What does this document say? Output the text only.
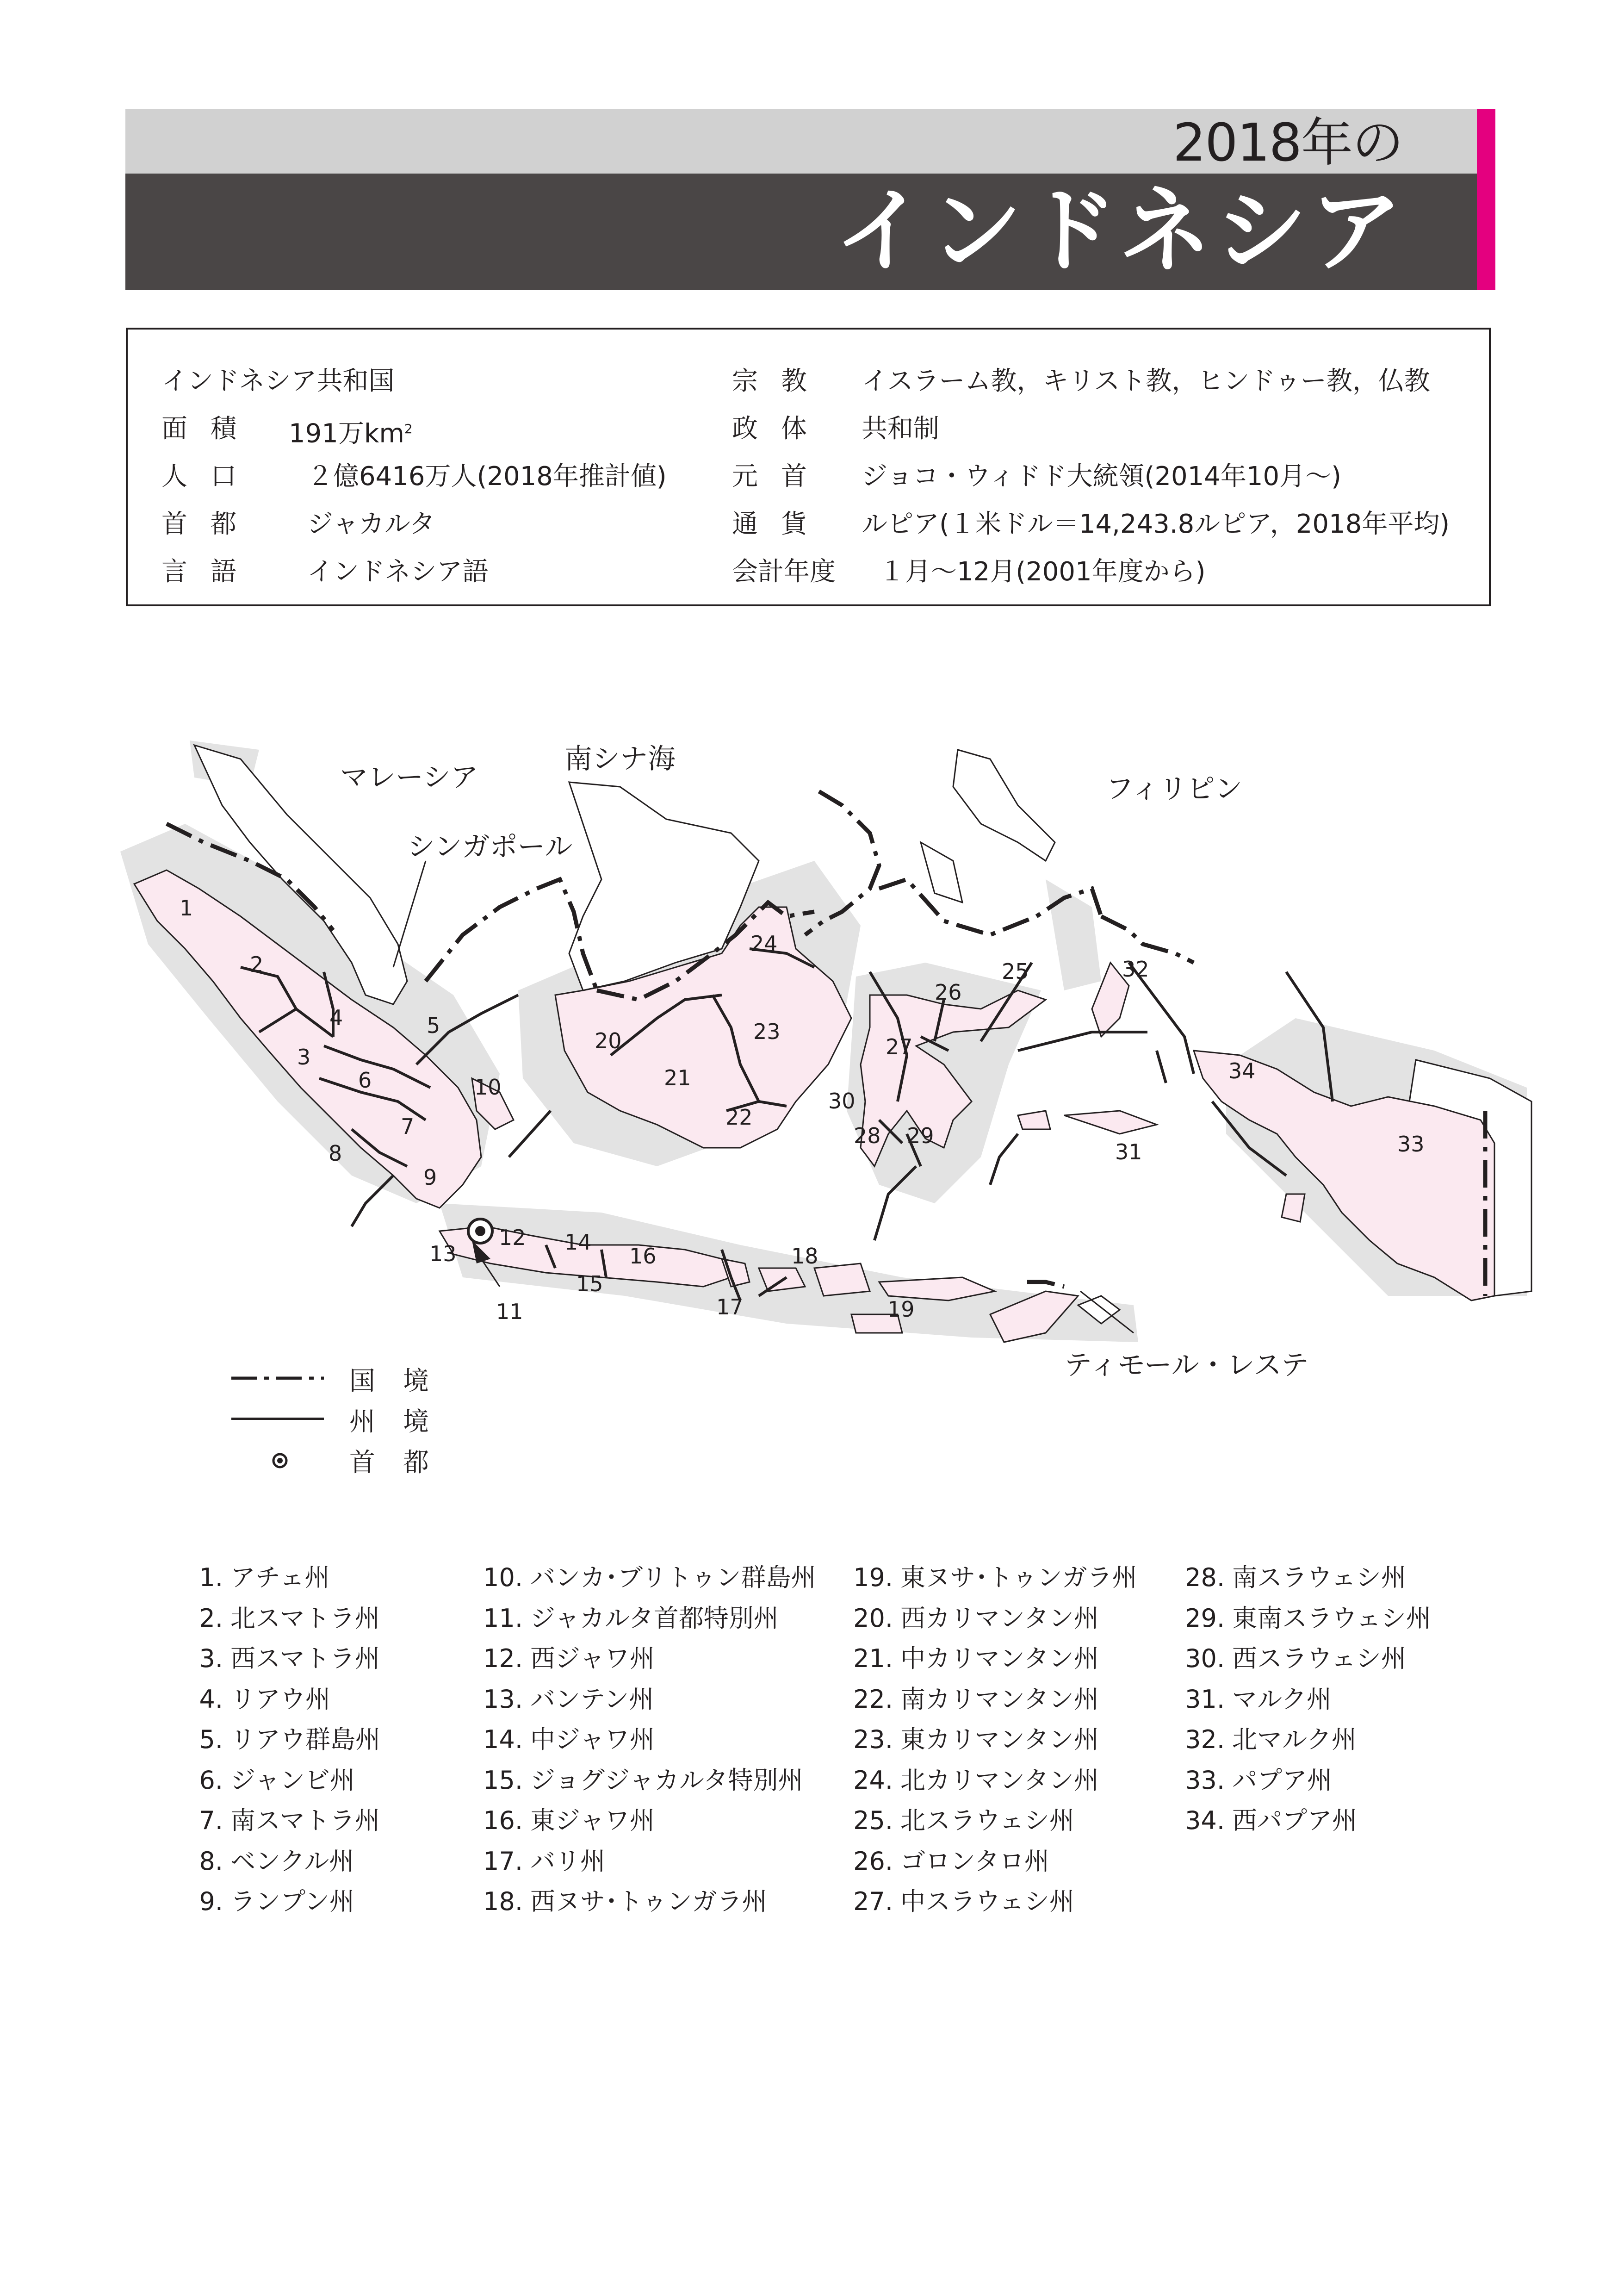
2018年の
インドネシア
インドネシア共和国
面積 191万$km^2$
人口 ２億6416万人(2018年推計値)
首都 ジャカルタ
言語 インドネシア語
宗教 イスラーム教，キリスト教，ヒンドゥー教，仏教
政体 共和制
元首 ジョコ・ウィドド大統領(2014年10月〜)
通貨 ルピア(１米ドル＝14,243.8ルピア，2018年平均)
会計年度 １月〜12月(2001年度から)
マレーシア
南シナ海
フィリピン
シンガポール
ティモール・レステ
1
2
3
4	5
6
7
8
9
10
11
12
13	14
15
16
17
18
19
20
21
22
23
24
25
26
27
28 29
30
31
32
33
34
国境
州境
首都
1. アチェ州
2. 北スマトラ州
3. 西スマトラ州
4. リアウ州
5. リアウ群島州
6. ジャンビ州
7. 南スマトラ州
8. ベンクル州
9. ランプン州
10. バンカ･ブリトゥン群島州
11. ジャカルタ首都特別州
12. 西ジャワ州
13. バンテン州
14. 中ジャワ州
15. ジョグジャカルタ特別州
16. 東ジャワ州
17. バリ州
18. 西ヌサ･トゥンガラ州
19. 東ヌサ･トゥンガラ州
20. 西カリマンタン州
21. 中カリマンタン州
22. 南カリマンタン州
23. 東カリマンタン州
24. 北カリマンタン州
25. 北スラウェシ州
26. ゴロンタロ州
27. 中スラウェシ州
28. 南スラウェシ州
29. 東南スラウェシ州
30. 西スラウェシ州
31. マルク州
32. 北マルク州
33. パプア州
34. 西パプア州
